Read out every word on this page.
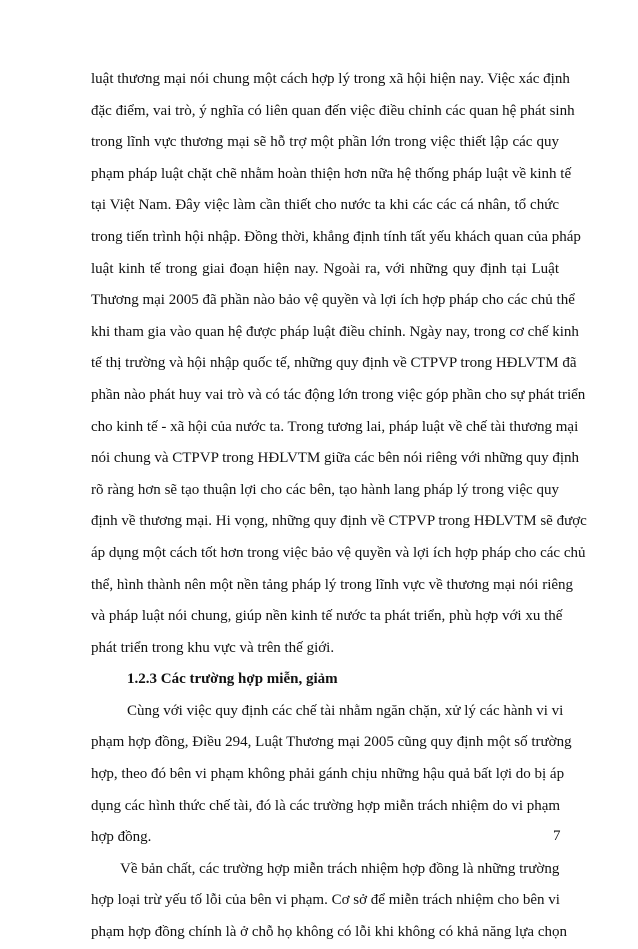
luật thương mại nói chung một cách hợp lý trong xã hội hiện nay. Việc xác định
đặc điểm, vai trò, ý nghĩa có liên quan đến việc điều chỉnh các quan hệ phát sinh
trong lĩnh vực thương mại sẽ hỗ trợ một phần lớn trong việc thiết lập các quy
phạm pháp luật chặt chẽ nhằm hoàn thiện hơn nữa hệ thống pháp luật về kinh tế
tại Việt Nam. Đây việc làm cần thiết cho nước ta khi các các cá nhân, tổ chức
trong tiến trình hội nhập. Đồng thời, khẳng định tính tất yếu khách quan của pháp
luật kinh tế trong giai đoạn hiện nay. Ngoài ra, với những quy định tại Luật
Thương mại 2005 đã phần nào bảo vệ quyền và lợi ích hợp pháp cho các chủ thể
khi tham gia vào quan hệ được pháp luật điều chỉnh. Ngày nay, trong cơ chế kinh
tế thị trường và hội nhập quốc tế, những quy định về CTPVP trong HĐLVTM đã
phần nào phát huy vai trò và có tác động lớn trong việc góp phần cho sự phát triển
cho kinh tế - xã hội của nước ta. Trong tương lai, pháp luật về chế tài thương mại
nói chung và CTPVP trong HĐLVTM giữa các bên nói riêng với những quy định
rõ ràng hơn sẽ tạo thuận lợi cho các bên, tạo hành lang pháp lý trong việc quy
định về thương mại. Hi vọng, những quy định về CTPVP trong HĐLVTM sẽ được
áp dụng một cách tốt hơn trong việc bảo vệ quyền và lợi ích hợp pháp cho các chủ
thể, hình thành nên một nền tảng pháp lý trong lĩnh vực về thương mại nói riêng
và pháp luật nói chung, giúp nền kinh tế nước ta phát triển, phù hợp với xu thế
phát triển trong khu vực và trên thế giới.
1.2.3 Các trường hợp miễn, giảm
Cùng với việc quy định các chế tài nhằm ngăn chặn, xử lý các hành vi vi
phạm hợp đồng, Điều 294, Luật Thương mại 2005 cũng quy định một số trường
hợp, theo đó bên vi phạm không phải gánh chịu những hậu quả bất lợi do bị áp
dụng các hình thức chế tài, đó là các trường hợp miễn trách nhiệm do vi phạm
hợp đồng.
Về bản chất, các trường hợp miễn trách nhiệm hợp đồng là những trường
hợp loại trừ yếu tố lỗi của bên vi phạm. Cơ sở để miễn trách nhiệm cho bên vi
phạm hợp đồng chính là ở chỗ họ không có lỗi khi không có khả năng lựa chọn
7
